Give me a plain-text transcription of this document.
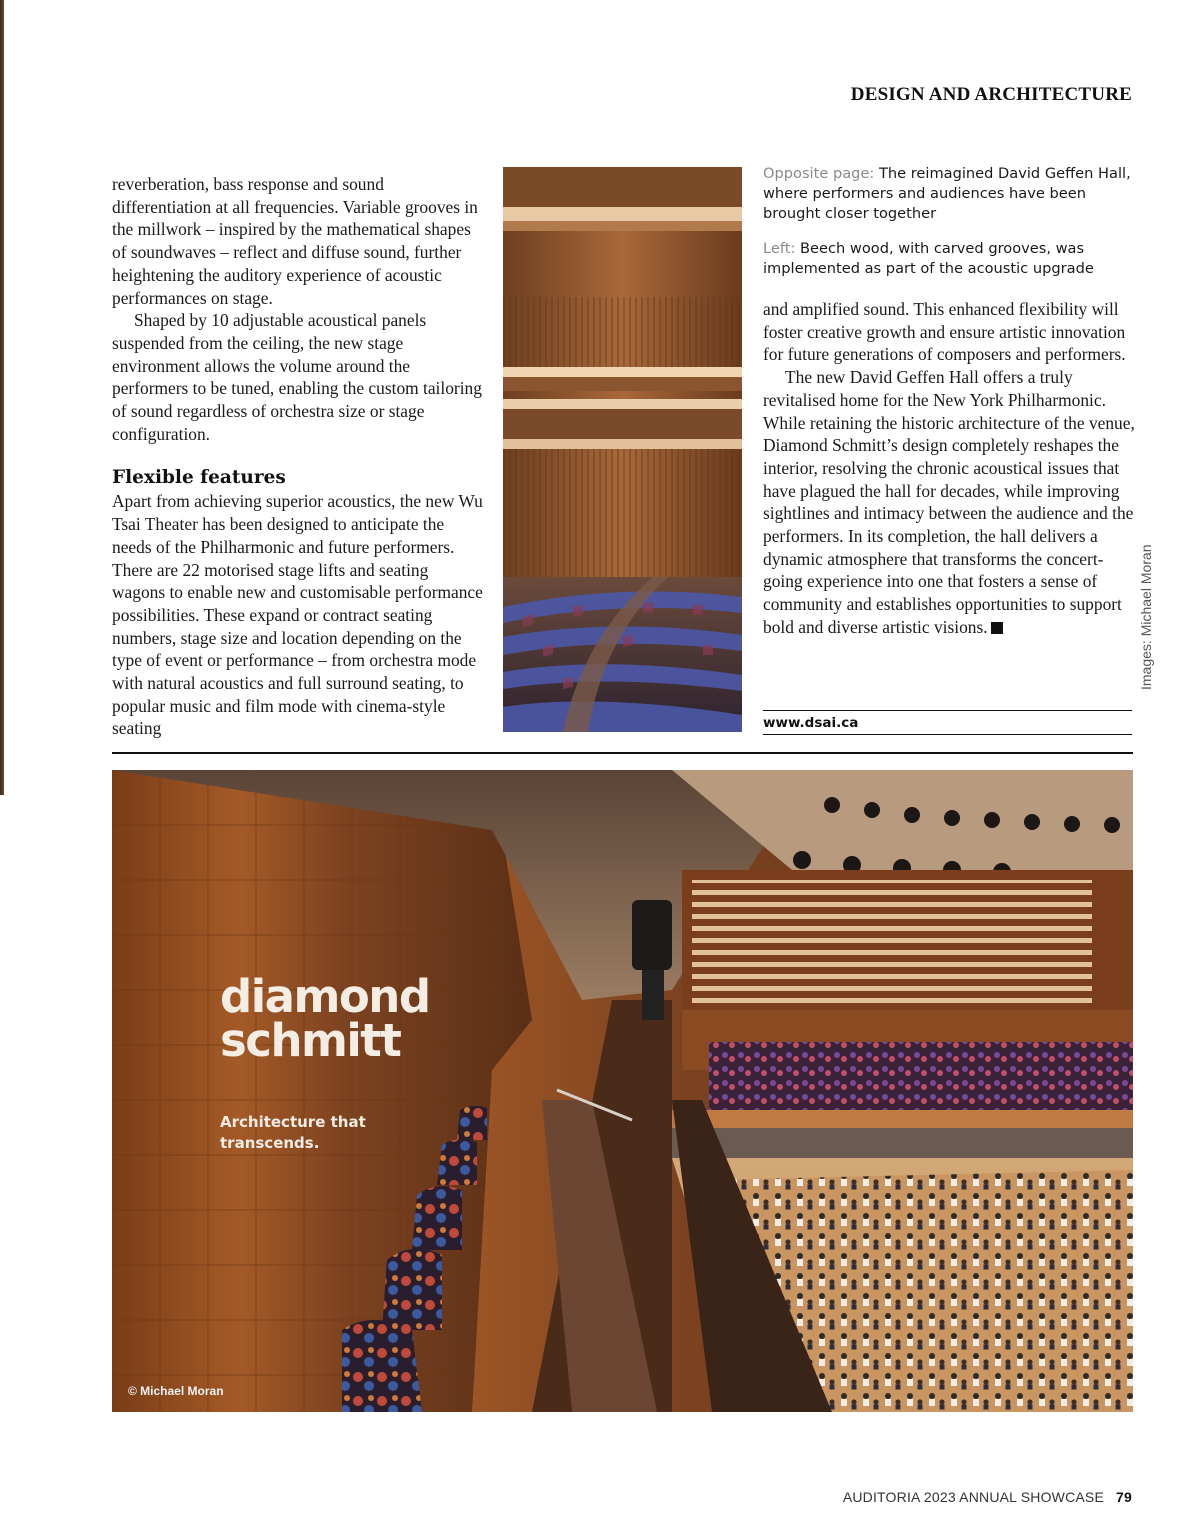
DESIGN AND ARCHITECTURE

reverberation, bass response and sound differentiation at all frequencies. Variable grooves in the millwork – inspired by the mathematical shapes of soundwaves – reflect and diffuse sound, further heightening the auditory experience of acoustic performances on stage.

Shaped by 10 adjustable acoustical panels suspended from the ceiling, the new stage environment allows the volume around the performers to be tuned, enabling the custom tailoring of sound regardless of orchestra size or stage configuration.

Flexible features

Apart from achieving superior acoustics, the new Wu Tsai Theater has been designed to anticipate the needs of the Philharmonic and future performers. There are 22 motorised stage lifts and seating wagons to enable new and customisable performance possibilities. These expand or contract seating numbers, stage size and location depending on the type of event or performance – from orchestra mode with natural acoustics and full surround seating, to popular music and film mode with cinema-style seating

Opposite page: The reimagined David Geffen Hall, where performers and audiences have been brought closer together
Left: Beech wood, with carved grooves, was implemented as part of the acoustic upgrade

and amplified sound. This enhanced flexibility will foster creative growth and ensure artistic innovation for future generations of composers and performers.

The new David Geffen Hall offers a truly revitalised home for the New York Philharmonic. While retaining the historic architecture of the venue, Diamond Schmitt’s design completely reshapes the interior, resolving the chronic acoustical issues that have plagued the hall for decades, while improving sightlines and intimacy between the audience and the performers. In its completion, the hall delivers a dynamic atmosphere that transforms the concert-going experience into one that fosters a sense of community and establishes opportunities to support bold and diverse artistic visions.

www.dsai.ca
Images: Michael Moran
diamond
schmitt
Architecture that transcends.
© Michael Moran
AUDITORIA 2023 ANNUAL SHOWCASE 79
